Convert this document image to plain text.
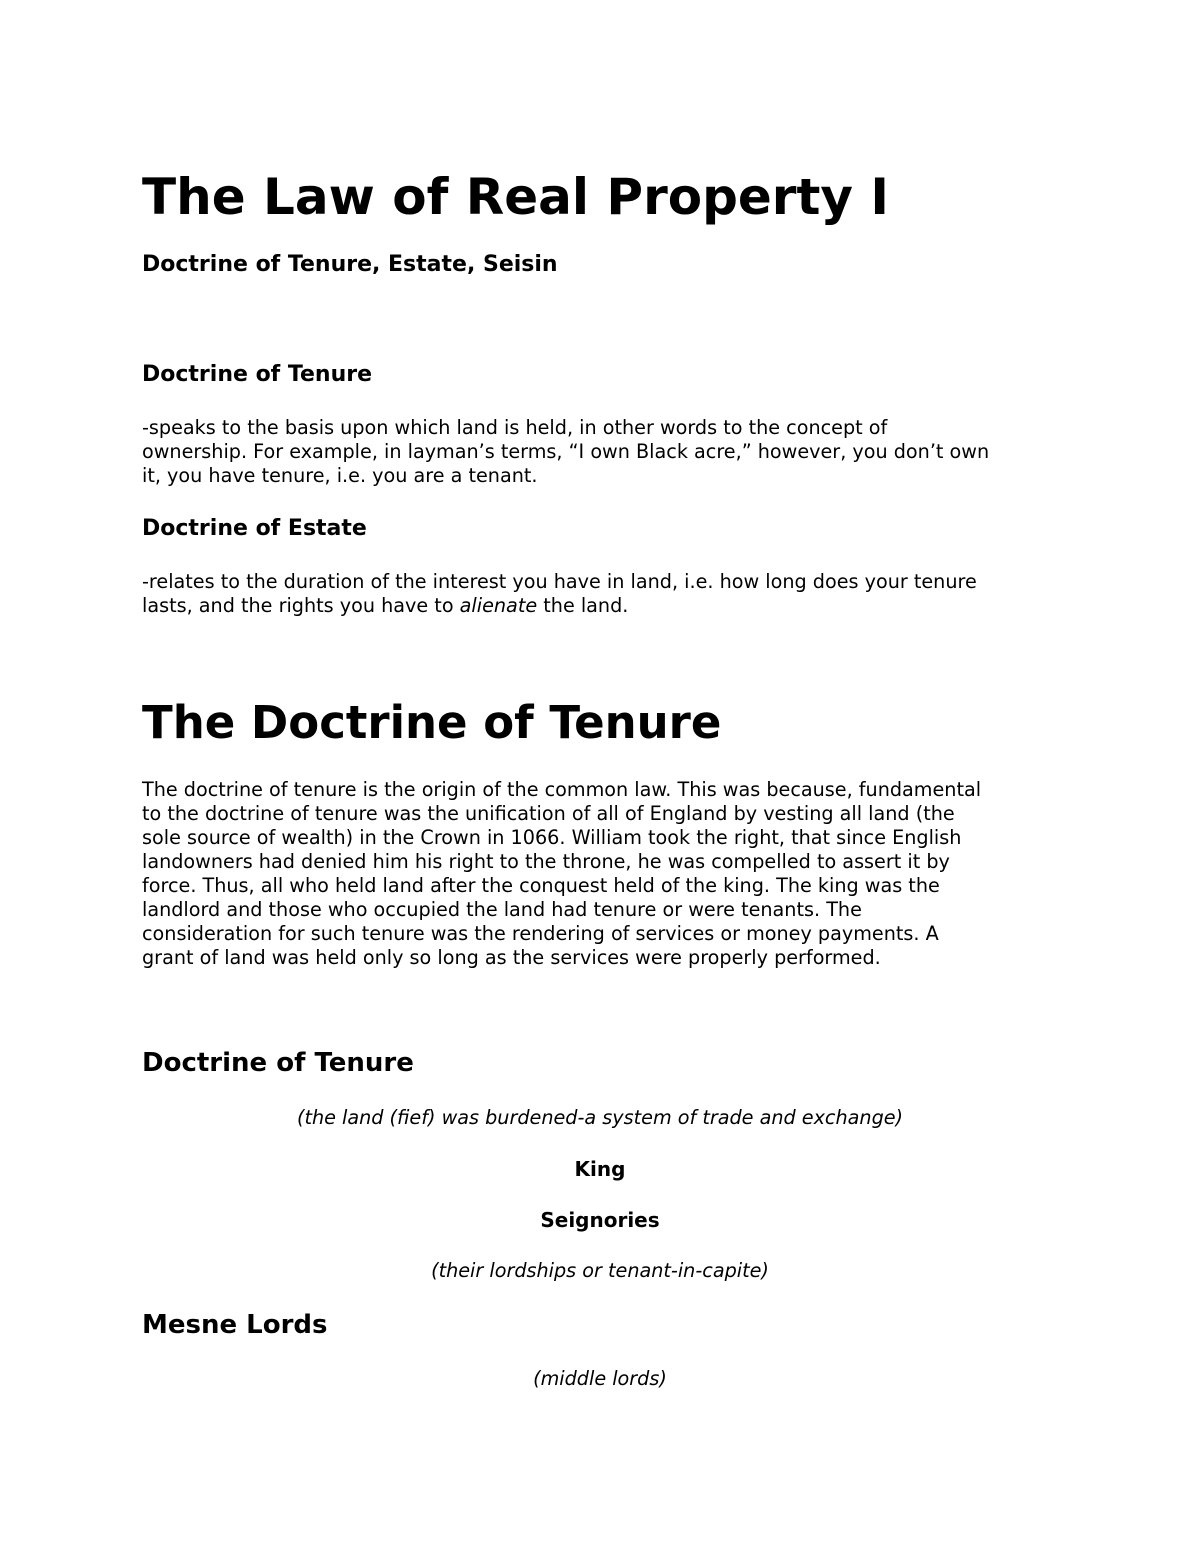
The Law of Real Property I
Doctrine of Tenure, Estate, Seisin
Doctrine of Tenure
-speaks to the basis upon which land is held, in other words to the concept of
ownership. For example, in layman’s terms, “I own Black acre,” however, you don’t own
it, you have tenure, i.e. you are a tenant.
Doctrine of Estate
-relates to the duration of the interest you have in land, i.e. how long does your tenure
lasts, and the rights you have to alienate the land.
The Doctrine of Tenure
The doctrine of tenure is the origin of the common law. This was because, fundamental
to the doctrine of tenure was the unification of all of England by vesting all land (the
sole source of wealth) in the Crown in 1066. William took the right, that since English
landowners had denied him his right to the throne, he was compelled to assert it by
force. Thus, all who held land after the conquest held of the king. The king was the
landlord and those who occupied the land had tenure or were tenants. The
consideration for such tenure was the rendering of services or money payments. A
grant of land was held only so long as the services were properly performed.
Doctrine of Tenure
(the land (fief) was burdened-a system of trade and exchange)
King
Seignories
(their lordships or tenant-in-capite)
Mesne Lords
(middle lords)
